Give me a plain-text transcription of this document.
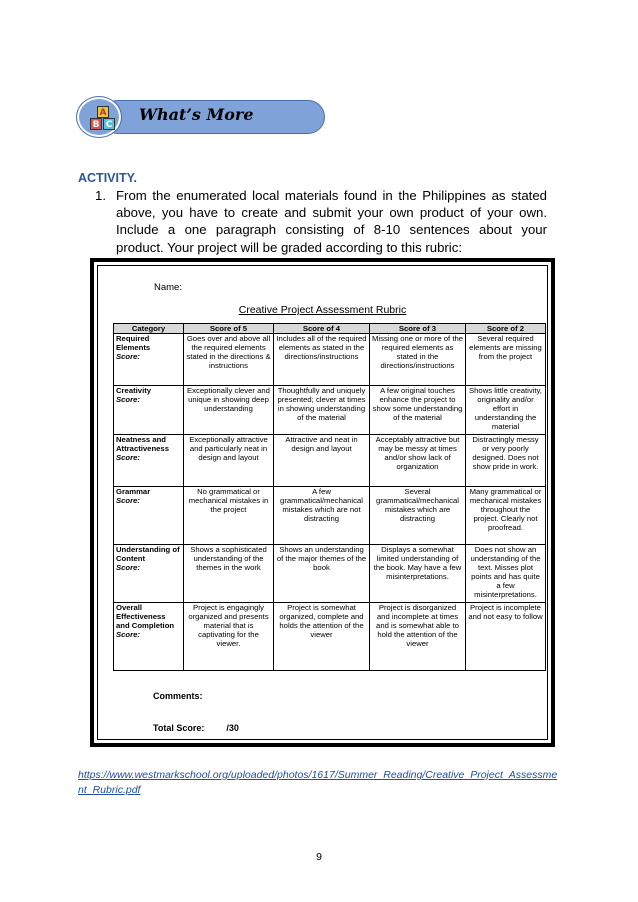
What’s More
A
B C
ACTIVITY.
1. From the enumerated local materials found in the Philippines as stated above, you have to create and submit your own product of your own. Include a one paragraph consisting of 8-10 sentences about your product. Your project will be graded according to this rubric:
Name:
Creative Project Assessment Rubric
Category	Score of 5	Score of 4	Score of 3	Score of 2

Required Elements
Score:	Goes over and above all the required elements stated in the directions & instructions	Includes all of the required elements as stated in the directions/instructions	Missing one or more of the required elements as stated in the directions/instructions	Several required elements are missing from the project

Creativity
Score:	Exceptionally clever and unique in showing deep understanding	Thoughtfully and uniquely presented; clever at times in showing understanding of the material	A few original touches enhance the project to show some understanding of the material	Shows little creativity, originality and/or effort in understanding the material

Neatness and Attractiveness
Score:	Exceptionally attractive and particularly neat in design and layout	Attractive and neat in design and layout	Acceptably attractive but may be messy at times and/or show lack of organization	Distractingly messy or very poorly designed. Does not show pride in work.

Grammar
Score:	No grammatical or mechanical mistakes in the project	A few grammatical/mechanical mistakes which are not distracting	Several grammatical/mechanical mistakes which are distracting	Many grammatical or mechanical mistakes throughout the project. Clearly not proofread.

Understanding of Content
Score:	Shows a sophisticated understanding of the themes in the work	Shows an understanding of the major themes of the book	Displays a somewhat limited understanding of the book. May have a few misinterpretations.	Does not show an understanding of the text. Misses plot points and has quite a few misinterpretations.

Overall Effectiveness and Completion
Score:	Project is engagingly organized and presents material that is captivating for the viewer.	Project is somewhat organized, complete and holds the attention of the viewer	Project is disorganized and incomplete at times and is somewhat able to hold the attention of the viewer	Project is incomplete and not easy to follow
Comments:
Total Score: /30
https://www.westmarkschool.org/uploaded/photos/1617/Summer_Reading/Creative_Project_Assessment_Rubric.pdf
9
